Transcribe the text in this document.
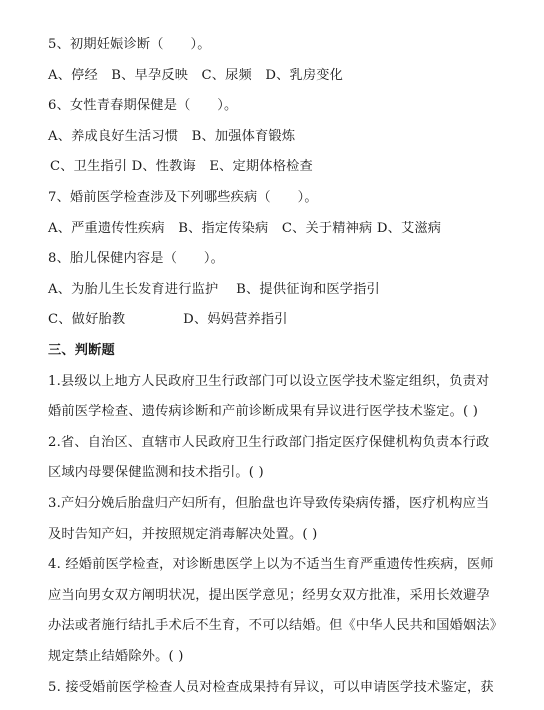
5、初期妊娠诊断（　　）。
A、停经　B、早孕反映　C、尿频　D、乳房变化
6、女性青春期保健是（　　）。
A、养成良好生活习惯　B、加强体育锻炼
C、卫生指引 D、性教诲　E、定期体格检查
7、婚前医学检查涉及下列哪些疾病（　　）。
A、严重遗传性疾病　B、指定传染病　C、关于精神病 D、艾滋病
8、胎儿保健内容是（　　）。
A、为胎儿生长发育进行监护　 B、提供征询和医学指引
C、做好胎教　　　　 D、妈妈营养指引
三、判断题
1.县级以上地方人民政府卫生行政部门可以设立医学技术鉴定组织，负责对
婚前医学检查、遗传病诊断和产前诊断成果有异议进行医学技术鉴定。( )
2.省、自治区、直辖市人民政府卫生行政部门指定医疗保健机构负责本行政
区域内母婴保健监测和技术指引。( )
3.产妇分娩后胎盘归产妇所有，但胎盘也许导致传染病传播，医疗机构应当
及时告知产妇，并按照规定消毒解决处置。( )
4. 经婚前医学检查，对诊断患医学上以为不适当生育严重遗传性疾病，医师
应当向男女双方阐明状况，提出医学意见；经男女双方批准，采用长效避孕
办法或者施行结扎手术后不生育，不可以结婚。但《中华人民共和国婚姻法》
规定禁止结婚除外。( )
5. 接受婚前医学检查人员对检查成果持有异议，可以申请医学技术鉴定，获
